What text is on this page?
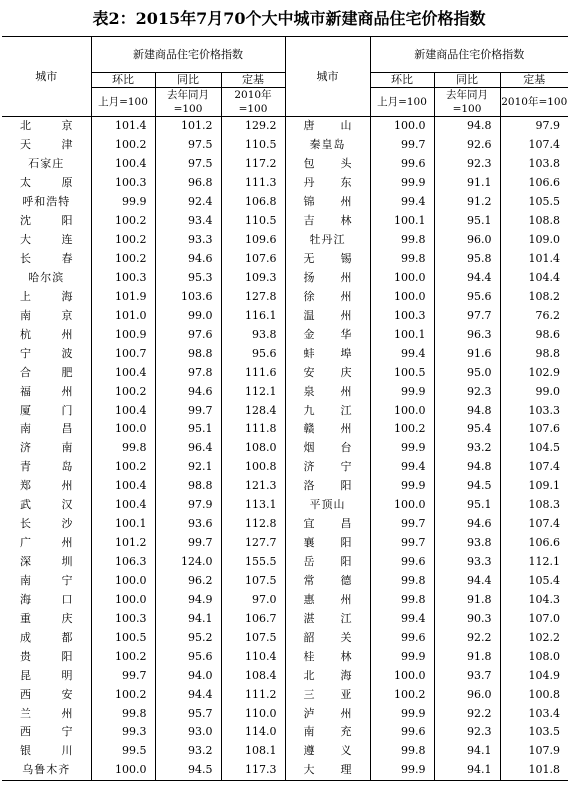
表2：2015年7月70个大中城市新建商品住宅价格指数
城市	新建商品住宅价格指数			城市	新建商品住宅价格指数		
	环比	同比	定基		环比	同比	定基
	上月=100	去年同月=100	2010年=100		上月=100	去年同月=100	2010年=100
北京	101.4	101.2	129.2	唐山	100.0	94.8	97.9
天津	100.2	97.5	110.5	秦皇岛	99.7	92.6	107.4
石家庄	100.4	97.5	117.2	包头	99.6	92.3	103.8
太原	100.3	96.8	111.3	丹东	99.9	91.1	106.6
呼和浩特	99.9	92.4	106.8	锦州	99.4	91.2	105.5
沈阳	100.2	93.4	110.5	吉林	100.1	95.1	108.8
大连	100.2	93.3	109.6	牡丹江	99.8	96.0	109.0
长春	100.2	94.6	107.6	无锡	99.8	95.8	101.4
哈尔滨	100.3	95.3	109.3	扬州	100.0	94.4	104.4
上海	101.9	103.6	127.8	徐州	100.0	95.6	108.2
南京	101.0	99.0	116.1	温州	100.3	97.7	76.2
杭州	100.9	97.6	93.8	金华	100.1	96.3	98.6
宁波	100.7	98.8	95.6	蚌埠	99.4	91.6	98.8
合肥	100.4	97.8	111.6	安庆	100.5	95.0	102.9
福州	100.2	94.6	112.1	泉州	99.9	92.3	99.0
厦门	100.4	99.7	128.4	九江	100.0	94.8	103.3
南昌	100.0	95.1	111.8	赣州	100.2	95.4	107.6
济南	99.8	96.4	108.0	烟台	99.9	93.2	104.5
青岛	100.2	92.1	100.8	济宁	99.4	94.8	107.4
郑州	100.4	98.8	121.3	洛阳	99.9	94.5	109.1
武汉	100.4	97.9	113.1	平顶山	100.0	95.1	108.3
长沙	100.1	93.6	112.8	宜昌	99.7	94.6	107.4
广州	101.2	99.7	127.7	襄阳	99.7	93.8	106.6
深圳	106.3	124.0	155.5	岳阳	99.6	93.3	112.1
南宁	100.0	96.2	107.5	常德	99.8	94.4	105.4
海口	100.0	94.9	97.0	惠州	99.8	91.8	104.3
重庆	100.3	94.1	106.7	湛江	99.4	90.3	107.0
成都	100.5	95.2	107.5	韶关	99.6	92.2	102.2
贵阳	100.2	95.6	110.4	桂林	99.9	91.8	108.0
昆明	99.7	94.0	108.4	北海	100.0	93.7	104.9
西安	100.2	94.4	111.2	三亚	100.2	96.0	100.8
兰州	99.8	95.7	110.0	泸州	99.9	92.2	103.4
西宁	99.3	93.0	114.0	南充	99.6	92.3	103.5
银川	99.5	93.2	108.1	遵义	99.8	94.1	107.9
乌鲁木齐	100.0	94.5	117.3	大理	99.9	94.1	101.8
